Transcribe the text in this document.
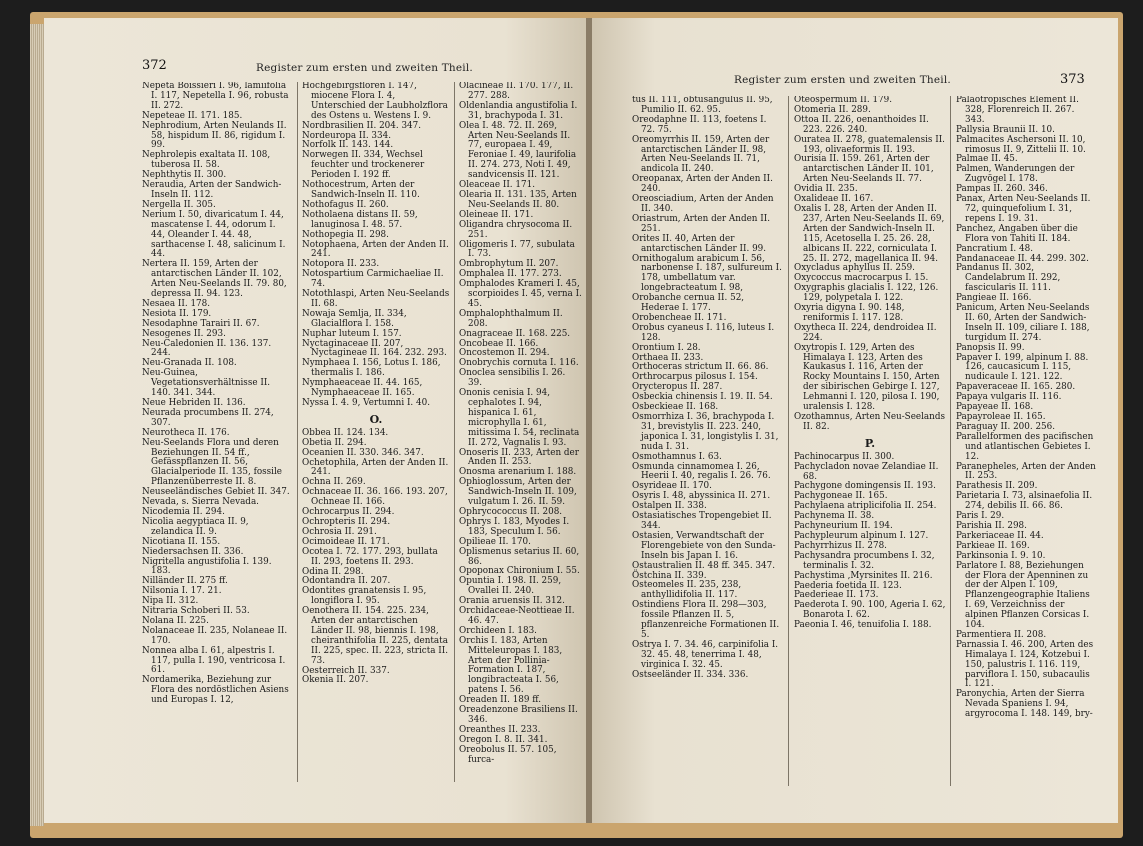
372	Register zum ersten und zweiten Theil.

Nepeta Boissieri I. 96, lamiifolia I. 117, Nepetella I. 96, robusta II. 272.

Nepeteae II. 171. 185.

Nephrodium, Arten Neulands II. 58, hispidum II. 86, rigidum I. 99.

Nephrolepis exaltata II. 108, tuberosa II. 58.

Nephthytis II. 300.

Neraudia, Arten der Sandwich-Inseln II. 112.

Nergella II. 305.

Nerium I. 50, divaricatum I. 44, mascatense I. 44, odorum I. 44, Oleander I. 44. 48, sarthacense I. 48, salicinum I. 44.

Nertera II. 159, Arten der antarctischen Länder II. 102, Arten Neu-Seelands II. 79. 80, depressa II. 94. 123.

Nesaea II. 178.

Nesiota II. 179.

Nesodaphne Tarairi II. 67.

Nesogenes II. 293.

Neu-Caledonien II. 136. 137. 244.

Neu-Granada II. 108.

Neu-Guinea, Vegetationsverhältnisse II. 140. 341. 344.

Neue Hebriden II. 136.

Neurada procumbens II. 274, 307.

Neurotheca II. 176.

Neu-Seelands Flora und deren Beziehungen II. 54 ff., Gefässpflanzen II. 56, Glacialperiode II. 135, fossile Pflanzenüberreste II. 8.

Neuseeländisches Gebiet II. 347.

Nevada, s. Sierra Nevada.

Nicodemia II. 294.

Nicolia aegyptiaca II. 9, zelandica II. 9.

Nicotiana II. 155.

Niedersachsen II. 336.

Nigritella angustifolia I. 139. 183.

Nilländer II. 275 ff.

Nilsonia I. 17. 21.

Nipa II. 312.

Nitraria Schoberi II. 53.

Nolana II. 225.

Nolanaceae II. 235, Nolaneae II. 170.

Nonnea alba I. 61, alpestris I. 117, pulla I. 190, ventricosa I. 61.

Nordamerika, Beziehung zur Flora des nordöstlichen Asiens und Europas I. 12,

Hochgebirgsfloren I. 147, miocene Flora I. 4, Unterschied der Laubholzflora des Ostens u. Westens I. 9.

Nordbrasilien II. 204. 347.

Nordeuropa II. 334.

Norfolk II. 143. 144.

Norwegen II. 334, Wechsel feuchter und trockenerer Perioden I. 192 ff.

Nothocestrum, Arten der Sandwich-Inseln II. 110.

Nothofagus II. 260.

Notholaena distans II. 59, lanuginosa I. 48. 57.

Nothopegia II. 298.

Notophaena, Arten der Anden II. 241.

Notopora II. 233.

Notospartium Carmichaeliae II. 74.

Notothlaspi, Arten Neu-Seelands II. 68.

Nowaja Semlja, II. 334, Glacialflora I. 158.

Nuphar luteum I. 157.

Nyctaginaceae II. 207, Nyctagineae II. 164. 232. 293.

Nymphaea I. 156, Lotus I. 186, thermalis I. 186.

Nymphaeaceae II. 44. 165, Nymphaeaceae II. 165.

Nyssa I. 4. 9, Vertumni I. 40.

O.

Obbea II. 124. 134.

Obetia II. 294.

Oceanien II. 330. 346. 347.

Ochetophila, Arten der Anden II. 241.

Ochna II. 269.

Ochnaceae II. 36. 166. 193. 207, Ochneae II. 166.

Ochrocarpus II. 294.

Ochropteris II. 294.

Ochrosia II. 291.

Ocimoideae II. 171.

Ocotea I. 72. 177. 293, bullata II. 293, foetens II. 293.

Odina II. 298.

Odontandra II. 207.

Odontites granatensis I. 95, longiflora I. 95.

Oenothera II. 154. 225. 234, Arten der antarctischen Länder II. 98, biennis I. 198, cheiranthifolia II. 225, dentata II. 225, spec. II. 223, stricta II. 73.

Oesterreich II. 337.

Okenia II. 207.

Olacineae II. 170. 177, II. 277. 288.

Oldenlandia angustifolia I. 31, brachypoda I. 31.

Olea I. 48. 72. II. 269, Arten Neu-Seelands II. 77, europaea I. 49, Feroniae I. 49, laurifolia II. 274. 273, Noti I. 49, sandvicensis II. 121.

Oleaceae II. 171.

Olearia II. 131. 135, Arten Neu-Seelands II. 80.

Oleineae II. 171.

Oligandra chrysocoma II. 251.

Oligomeris I. 77, subulata I. 73.

Ombrophytum II. 207.

Omphalea II. 177. 273.

Omphalodes Krameri I. 45, scorpioides I. 45, verna I. 45.

Omphalophthalmum II. 208.

Onagraceae II. 168. 225.

Oncobeae II. 166.

Oncostemon II. 294.

Onobrychis cornuta I. 116.

Onoclea sensibilis I. 26. 39.

Ononis cenisia I. 94, cephalotes I. 94, hispanica I. 61, microphylla I. 61, mitissima I. 54, reclinata II. 272, Vagnalis I. 93.

Onoseris II. 233, Arten der Anden II. 253.

Onosma arenarium I. 188.

Ophioglossum, Arten der Sandwich-Inseln II. 109, vulgatum I. 26. II. 59.

Ophrycococcus II. 208.

Ophrys I. 183, Myodes I. 183, Speculum I. 56.

Opilieae II. 170.

Oplismenus setarius II. 60, 86.

Opoponax Chironium I. 55.

Opuntia I. 198. II. 259, Ovallei II. 240.

Orania aruensis II. 312.

Orchidaceae-Neottieae II. 46. 47.

Orchideen I. 183.

Orchis I. 183, Arten Mitteleuropas I. 183, Arten der Pollinia-Formation I. 187, longibracteata I. 56, patens I. 56.

Oreaden II. 189 ff.

Oreadenzone Brasiliens II. 346.

Oreanthes II. 233.

Oregon I. 8. II. 341.

Oreobolus II. 57. 105, furca-

Register zum ersten und zweiten Theil.	373

tus II. 111, obtusangulus II. 95, Pumilio II. 62. 95.

Oreodaphne II. 113, foetens I. 72. 75.

Oreomyrrhis II. 159, Arten der antarctischen Länder II. 98, Arten Neu-Seelands II. 71, andicola II. 240.

Oreopanax, Arten der Anden II. 240.

Oreosciadium, Arten der Anden II. 340.

Oriastrum, Arten der Anden II. 251.

Orites II. 40, Arten der antarctischen Länder II. 99.

Ornithogalum arabicum I. 56, narbonense I. 187, sulfureum I. 178, umbellatum var. longebracteatum I. 98,

Orobanche cernua II. 52, Hederae I. 177.

Orobencheae II. 171.

Orobus cyaneus I. 116, luteus I. 128.

Orontium I. 28.

Orthaea II. 233.

Orthoceras strictum II. 66. 86.

Orthrocarpus pilosus I. 154.

Orycteropus II. 287.

Osbeckia chinensis I. 19. II. 54.

Osbeckieae II. 168.

Osmorrhiza I. 36, brachypoda I. 31, brevistylis II. 223. 240, japonica I. 31, longistylis I. 31, nuda I. 31.

Osmothamnus I. 63.

Osmunda cinnamomea I. 26, Heerii I. 40, regalis I. 26. 76.

Osyrideae II. 170.

Osyris I. 48, abyssinica II. 271.

Ostalpen II. 338.

Ostasiatisches Tropengebiet II. 344.

Ostasien, Verwandtschaft der Florengebiete von den Sunda-Inseln bis Japan I. 16.

Ostaustralien II. 48 ff. 345. 347.

Östchina II. 339.

Osteomeles II. 235, 238, anthyllidifolia II. 117.

Ostindiens Flora II. 298—303, fossile Pflanzen II. 5, pflanzenreiche Formationen II. 5.

Ostrya I. 7. 34. 46, carpinifolia I. 32. 45. 48, tenerrima I. 48, virginica I. 32. 45.

Ostseeländer II. 334. 336.

Oteospermum II. 179.

Otomeria II. 289.

Ottoa II. 226, oenanthoides II. 223. 226. 240.

Ouratea II. 278, guatemalensis II. 193, olivaeformis II. 193.

Ourisia II. 159. 261, Arten der antarctischen Länder II. 101, Arten Neu-Seelands II. 77.

Ovidia II. 235.

Oxalideae II. 167.

Oxalis I. 28, Arten der Anden II. 237, Arten Neu-Seelands II. 69, Arten der Sandwich-Inseln II. 115, Acetosella I. 25. 26. 28, albicans II. 222, corniculata I. 25. II. 272, magellanica II. 94.

Oxycladus aphyllus II. 259.

Oxycoccus macrocarpus I. 15.

Oxygraphis glacialis I. 122, 126. 129, polypetala I. 122.

Oxyria digyna I. 90. 148, reniformis I. 117. 128.

Oxytheca II. 224, dendroidea II. 224.

Oxytropis I. 129, Arten des Himalaya I. 123, Arten des Kaukasus I. 116, Arten der Rocky Mountains I. 150, Arten der sibirischen Gebirge I. 127, Lehmanni I. 120, pilosa I. 190, uralensis I. 128.

Ozothamnus, Arten Neu-Seelands II. 82.

P.

Pachinocarpus II. 300.

Pachycladon novae Zelandiae II. 68.

Pachygone domingensis II. 193.

Pachygoneae II. 165.

Pachylaena atriplicifolia II. 254.

Pachynema II. 38.

Pachyneurium II. 194.

Pachypleurum alpinum I. 127.

Pachyrrhizus II. 278.

Pachysandra procumbens I. 32, terminalis I. 32.

Pachystima ,Myrsinites II. 216.

Paederia foetida II. 123.

Paederieae II. 173.

Paederota I. 90. 100, Ageria I. 62, Bonarota I. 62.

Paeonia I. 46, tenuifolia I. 188.

Paläotropisches Element II. 328, Florenreich II. 267. 343.

Pallysia Braunii II. 10.

Palmacites Aschersoni II. 10, rimosus II. 9, Zittelii II. 10.

Palmae II. 45.

Palmen, Wanderungen der Zugvögel I. 178.

Pampas II. 260. 346.

Panax, Arten Neu-Seelands II. 72, quinquefolium I. 31, repens I. 19. 31.

Panchez, Angaben über die Flora von Tahiti II. 184.

Pancratium I. 48.

Pandanaceae II. 44. 299. 302.

Pandanus II. 302, Candelabrum II. 292, fascicularis II. 111.

Pangieae II. 166.

Panicum, Arten Neu-Seelands II. 60, Arten der Sandwich-Inseln II. 109, ciliare I. 188, turgidum II. 274.

Panopsis II. 99.

Papaver I. 199, alpinum I. 88. 126, caucasicum I. 115, nudicaule I. 121. 122.

Papaveraceae II. 165. 280.

Papaya vulgaris II. 116.

Papayeae II. 168.

Papayroleae II. 165.

Paraguay II. 200. 256.

Parallelformen des pacifischen und atlantischen Gebietes I. 12.

Paranepheles, Arten der Anden II. 253.

Parathesis II. 209.

Parietaria I. 73, alsinaefolia II. 274, debilis II. 66. 86.

Paris I. 29.

Parishia II. 298.

Parkeriaceae II. 44.

Parkieae II. 169.

Parkinsonia I. 9. 10.

Parlatore I. 88, Beziehungen der Flora der Apenninen zu der der Alpen I. 109, Pflanzengeographie Italiens I. 69, Verzeichniss der alpinen Pflanzen Corsicas I. 104.

Parmentiera II. 208.

Parnassia I. 46. 200, Arten des Himalaya I. 124, Kotzebui I. 150, palustris I. 116. 119, parviflora I. 150, subacaulis I. 121.

Paronychia, Arten der Sierra Nevada Spaniens I. 94, argyrocoma I. 148. 149, bry-
